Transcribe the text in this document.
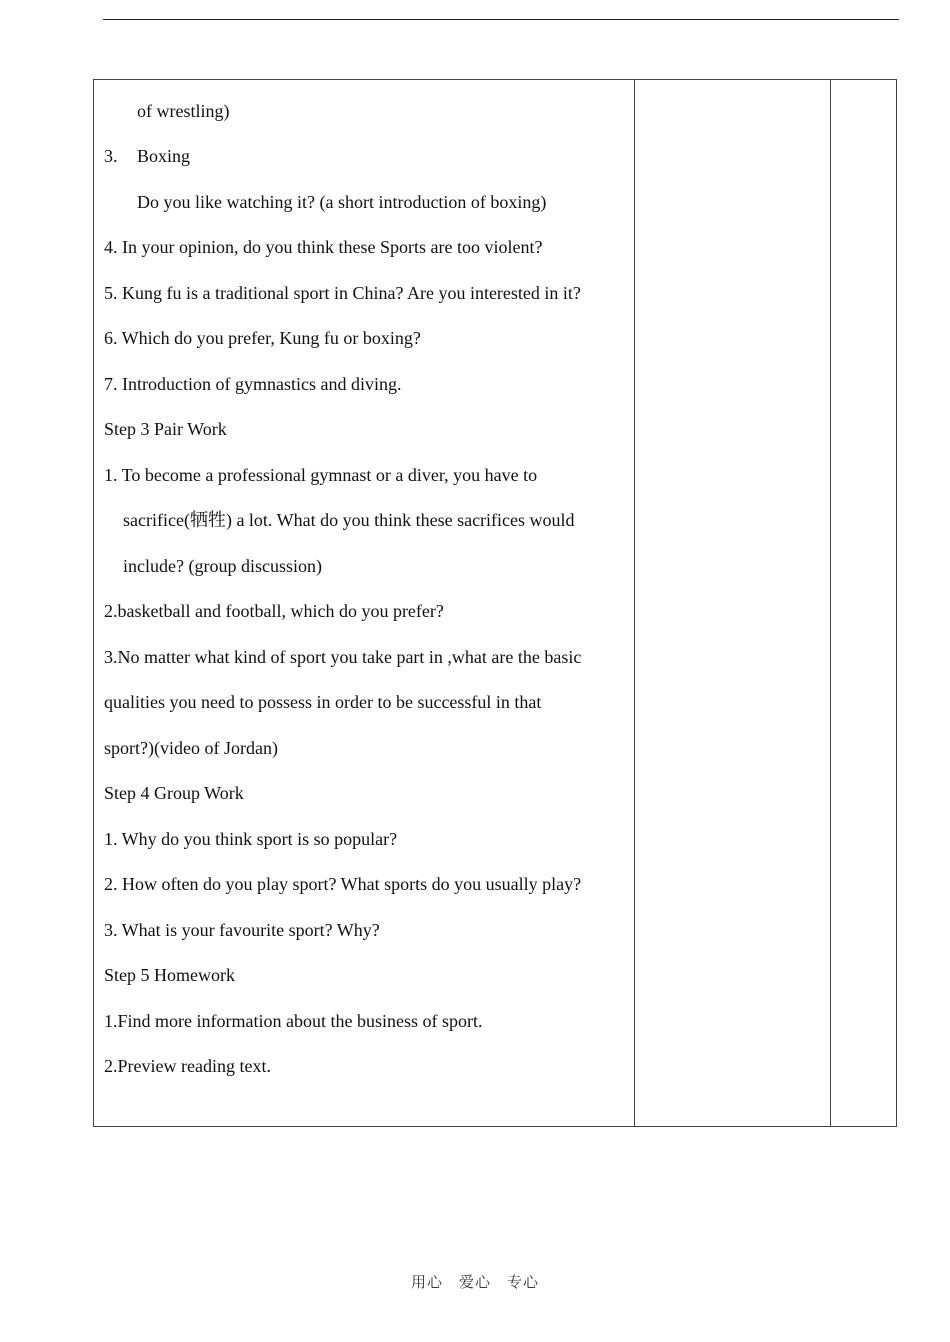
of wrestling)
3. Boxing
Do you like watching it? (a short introduction of boxing)
4. In your opinion, do you think these Sports are too violent?
5. Kung fu is a traditional sport in China? Are you interested in it?
6. Which do you prefer, Kung fu or boxing?
7. Introduction of gymnastics and diving.
Step 3 Pair Work
1. To become a professional gymnast or a diver, you have to
sacrifice(牺牲) a lot. What do you think these sacrifices would
include? (group discussion)
2.basketball and football, which do you prefer?
3.No matter what kind of sport you take part in ,what are the basic
qualities you need to possess in order to be successful in that
sport?)(video of Jordan)
Step 4 Group Work
1. Why do you think sport is so popular?
2. How often do you play sport? What sports do you usually play?
3. What is your favourite sport? Why?
Step 5 Homework
1.Find more information about the business of sport.
2.Preview reading text.
用心　爱心　专心
